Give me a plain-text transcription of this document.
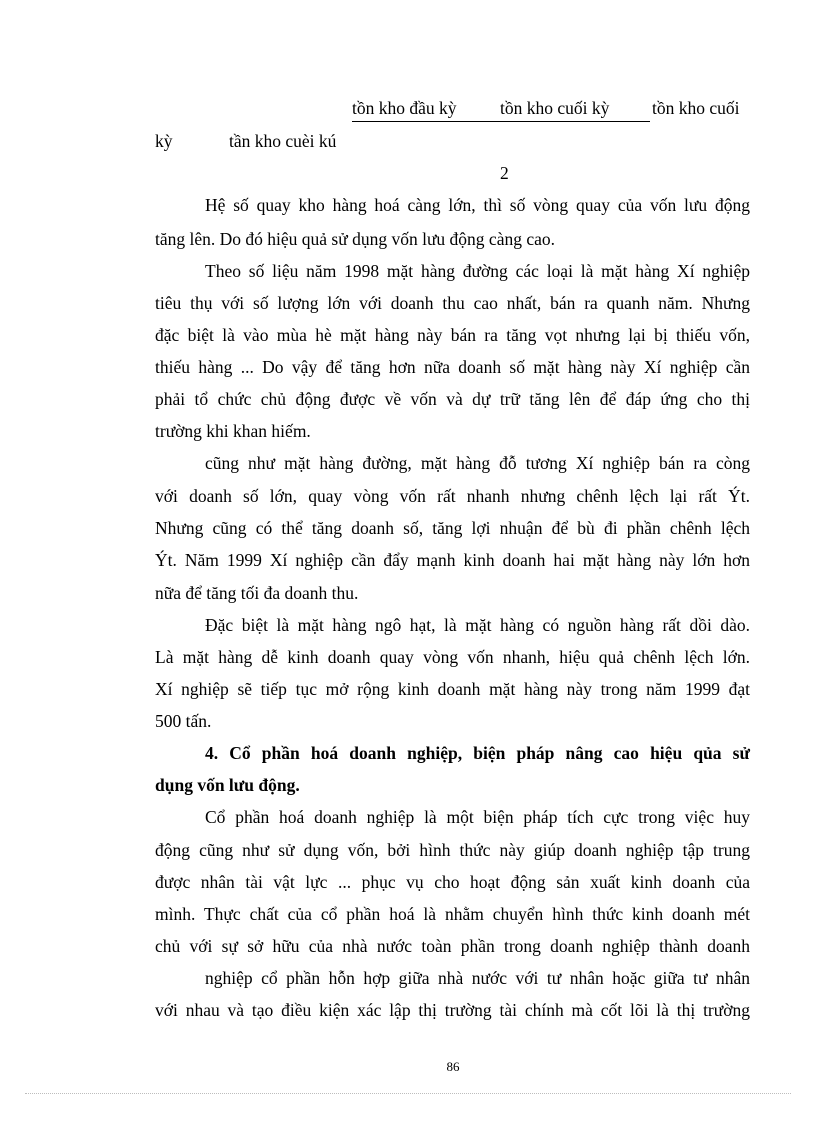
tồn kho đầu kỳ tồn kho cuối kỳ tồn kho cuối
kỳ	tần kho cuèi kú
2
Hệ số quay kho hàng hoá càng lớn, thì số vòng quay của vốn lưu động
tăng lên. Do đó hiệu quả sử dụng vốn lưu động càng cao.
Theo số liệu năm 1998 mặt hàng đường các loại là mặt hàng Xí nghiệp
tiêu thụ với số lượng lớn với doanh thu cao nhất, bán ra quanh năm. Nhưng
đặc biệt là vào mùa hè mặt hàng này bán ra tăng vọt nhưng lại bị thiếu vốn,
thiếu hàng ... Do vậy để tăng hơn nữa doanh số mặt hàng này Xí nghiệp cần
phải tổ chức chủ động được về vốn và dự trữ tăng lên để đáp ứng cho thị
trường khi khan hiếm.
cũng như mặt hàng đường, mặt hàng đỗ tương Xí nghiệp bán ra còng
với doanh số lớn, quay vòng vốn rất nhanh nhưng chênh lệch lại rất Ýt.
Nhưng cũng có thể tăng doanh số, tăng lợi nhuận để bù đi phần chênh lệch
Ýt. Năm 1999 Xí nghiệp cần đẩy mạnh kinh doanh hai mặt hàng này lớn hơn
nữa để tăng tối đa doanh thu.
Đặc biệt là mặt hàng ngô hạt, là mặt hàng có nguồn hàng rất dồi dào.
Là mặt hàng dễ kinh doanh quay vòng vốn nhanh, hiệu quả chênh lệch lớn.
Xí nghiệp sẽ tiếp tục mở rộng kinh doanh mặt hàng này trong năm 1999 đạt
500 tấn.
4. Cổ phần hoá doanh nghiệp, biện pháp nâng cao hiệu qủa sử
dụng vốn lưu động.
Cổ phần hoá doanh nghiệp là một biện pháp tích cực trong việc huy
động cũng như sử dụng vốn, bởi hình thức này giúp doanh nghiệp tập trung
được nhân tài vật lực ... phục vụ cho hoạt động sản xuất kinh doanh của
mình. Thực chất của cổ phần hoá là nhằm chuyển hình thức kinh doanh mét
chủ với sự sở hữu của nhà nước toàn phần trong doanh nghiệp thành doanh
nghiệp cổ phần hỗn hợp giữa nhà nước với tư nhân hoặc giữa tư nhân
với nhau và tạo điều kiện xác lập thị trường tài chính mà cốt lõi là thị trường
86
